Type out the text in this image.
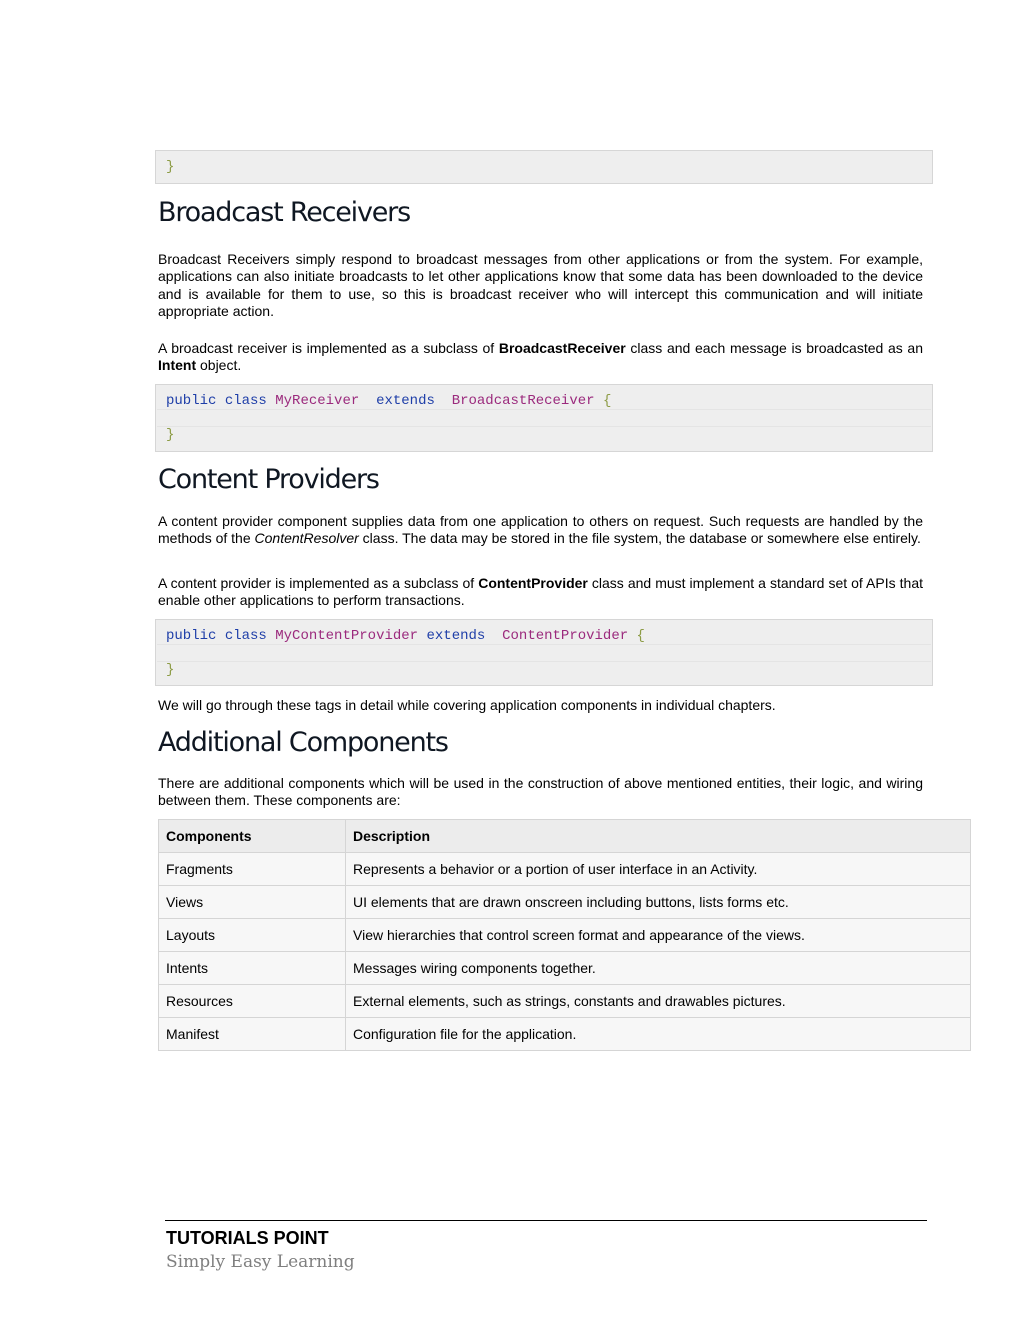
}
Broadcast Receivers

Broadcast Receivers simply respond to broadcast messages from other applications or from the system. For example, applications can also initiate broadcasts to let other applications know that some data has been downloaded to the device and is available for them to use, so this is broadcast receiver who will intercept this communication and will initiate appropriate action.

A broadcast receiver is implemented as a subclass of BroadcastReceiver class and each message is broadcasted as an Intent object.

public class MyReceiver extends BroadcastReceiver {
}
Content Providers

A content provider component supplies data from one application to others on request. Such requests are handled by the methods of the ContentResolver class. The data may be stored in the file system, the database or somewhere else entirely.

A content provider is implemented as a subclass of ContentProvider class and must implement a standard set of APIs that enable other applications to perform transactions.

public class MyContentProvider extends ContentProvider {
}

We will go through these tags in detail while covering application components in individual chapters.

Additional Components

There are additional components which will be used in the construction of above mentioned entities, their logic, and wiring between them. These components are:

Components	Description
Fragments	Represents a behavior or a portion of user interface in an Activity.
Views	UI elements that are drawn onscreen including buttons, lists forms etc.
Layouts	View hierarchies that control screen format and appearance of the views.
Intents	Messages wiring components together.
Resources	External elements, such as strings, constants and drawables pictures.
Manifest	Configuration file for the application.
TUTORIALS POINT
Simply Easy Learning
